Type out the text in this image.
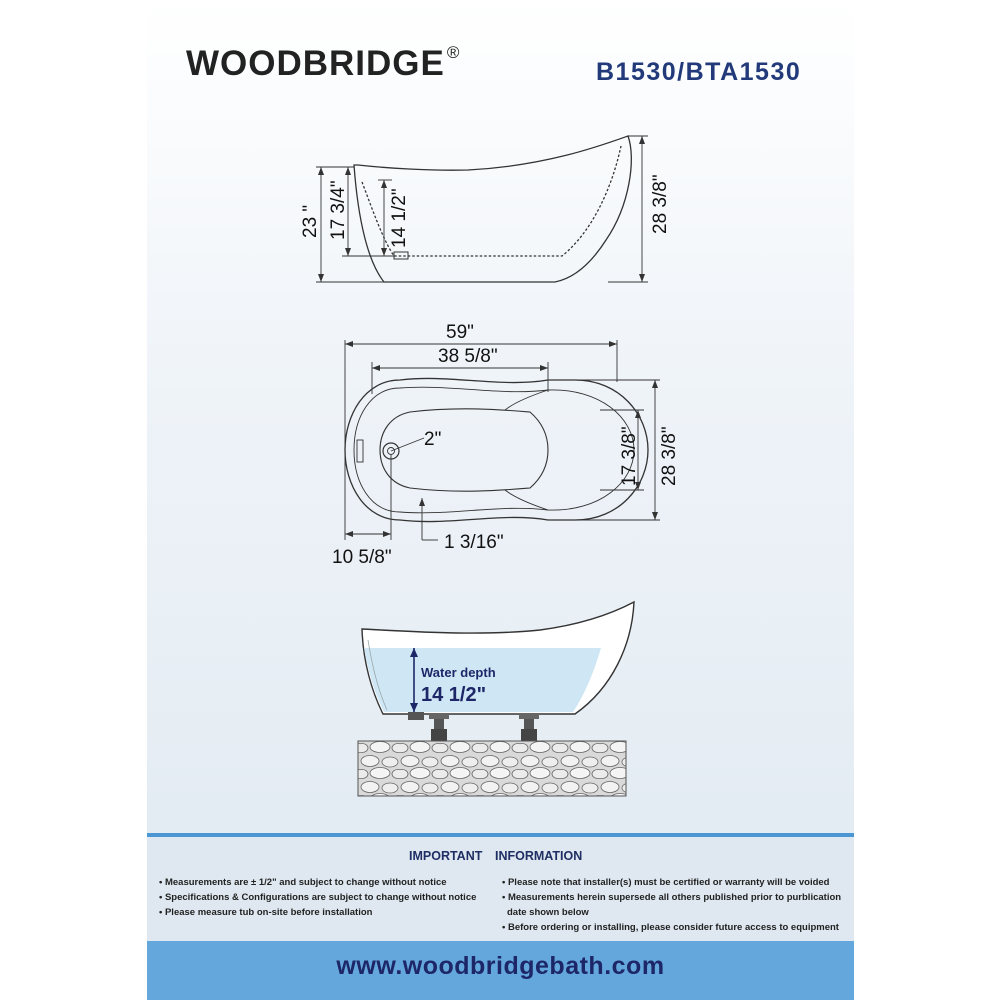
WOODBRIDGE ®
B1530/BTA1530
23 " 17 3/4" 14 1/2"	28 3/8"
59"
38 5/8"
2"	17 3/8" 28 3/8"
10 5/8"
1 3/16"
Water depth
14 1/2"
IMPORTANT INFORMATION
• Measurements are ± 1/2" and subject to change without notice
• Specifications & Configurations are subject to change without notice
• Please measure tub on-site before installation
• Please note that installer(s) must be certified or warranty will be voided
• Measurements herein supersede all others published prior to purblication
date shown below
• Before ordering or installing, please consider future access to equipment
www.woodbridgebath.com
